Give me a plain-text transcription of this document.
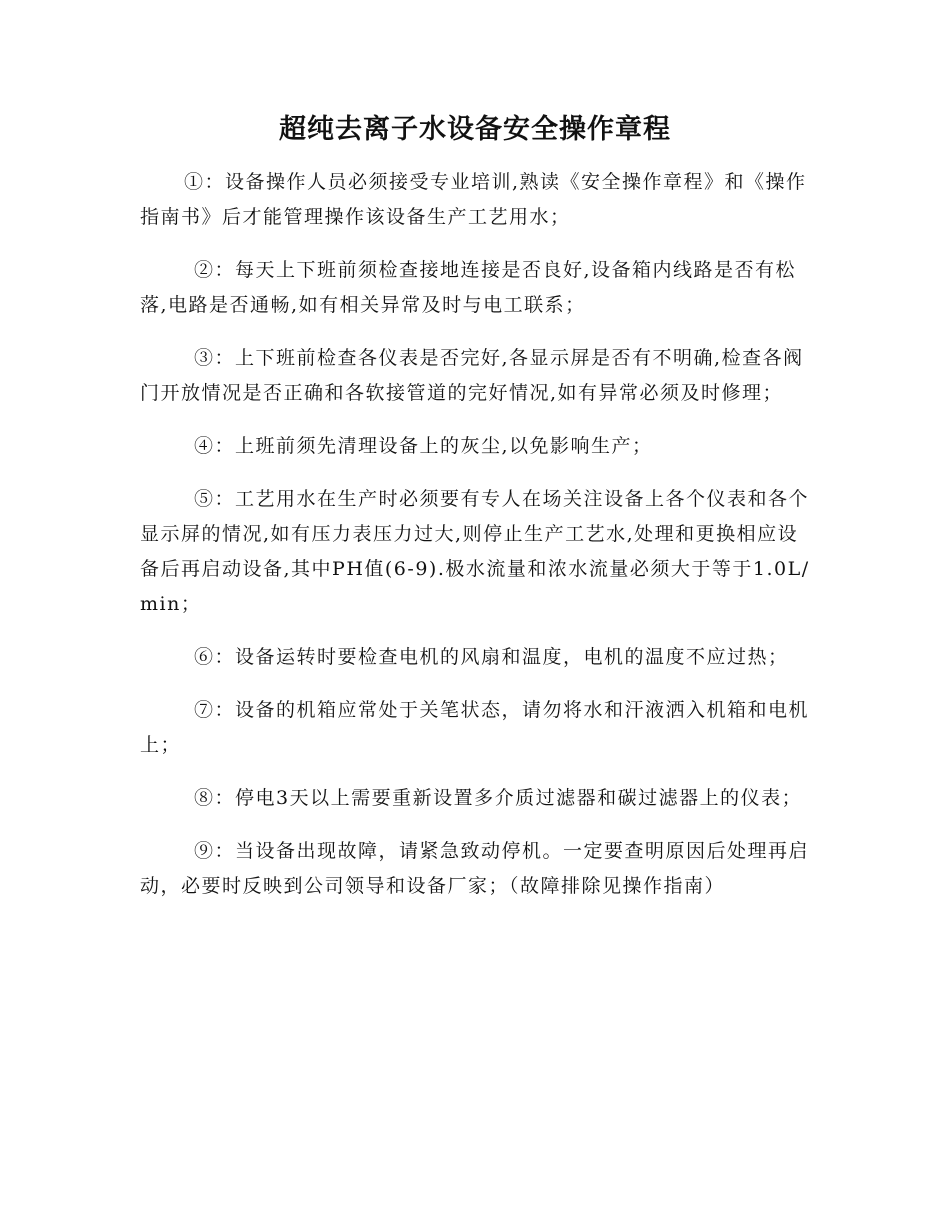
超纯去离子水设备安全操作章程

①：设备操作人员必须接受专业培训,熟读《安全操作章程》和《操作指南书》后才能管理操作该设备生产工艺用水；

②：每天上下班前须检查接地连接是否良好,设备箱内线路是否有松落,电路是否通畅,如有相关异常及时与电工联系；

③：上下班前检查各仪表是否完好,各显示屏是否有不明确,检查各阀门开放情况是否正确和各软接管道的完好情况,如有异常必须及时修理；

④：上班前须先清理设备上的灰尘,以免影响生产；

⑤：工艺用水在生产时必须要有专人在场关注设备上各个仪表和各个显示屏的情况,如有压力表压力过大,则停止生产工艺水,处理和更换相应设备后再启动设备,其中PH值(6-9).极水流量和浓水流量必须大于等于1.0L/min；

⑥：设备运转时要检查电机的风扇和温度，电机的温度不应过热；

⑦：设备的机箱应常处于关笔状态，请勿将水和汗液洒入机箱和电机上；

⑧：停电3天以上需要重新设置多介质过滤器和碳过滤器上的仪表；

⑨：当设备出现故障，请紧急致动停机。一定要查明原因后处理再启动，必要时反映到公司领导和设备厂家；（故障排除见操作指南）
